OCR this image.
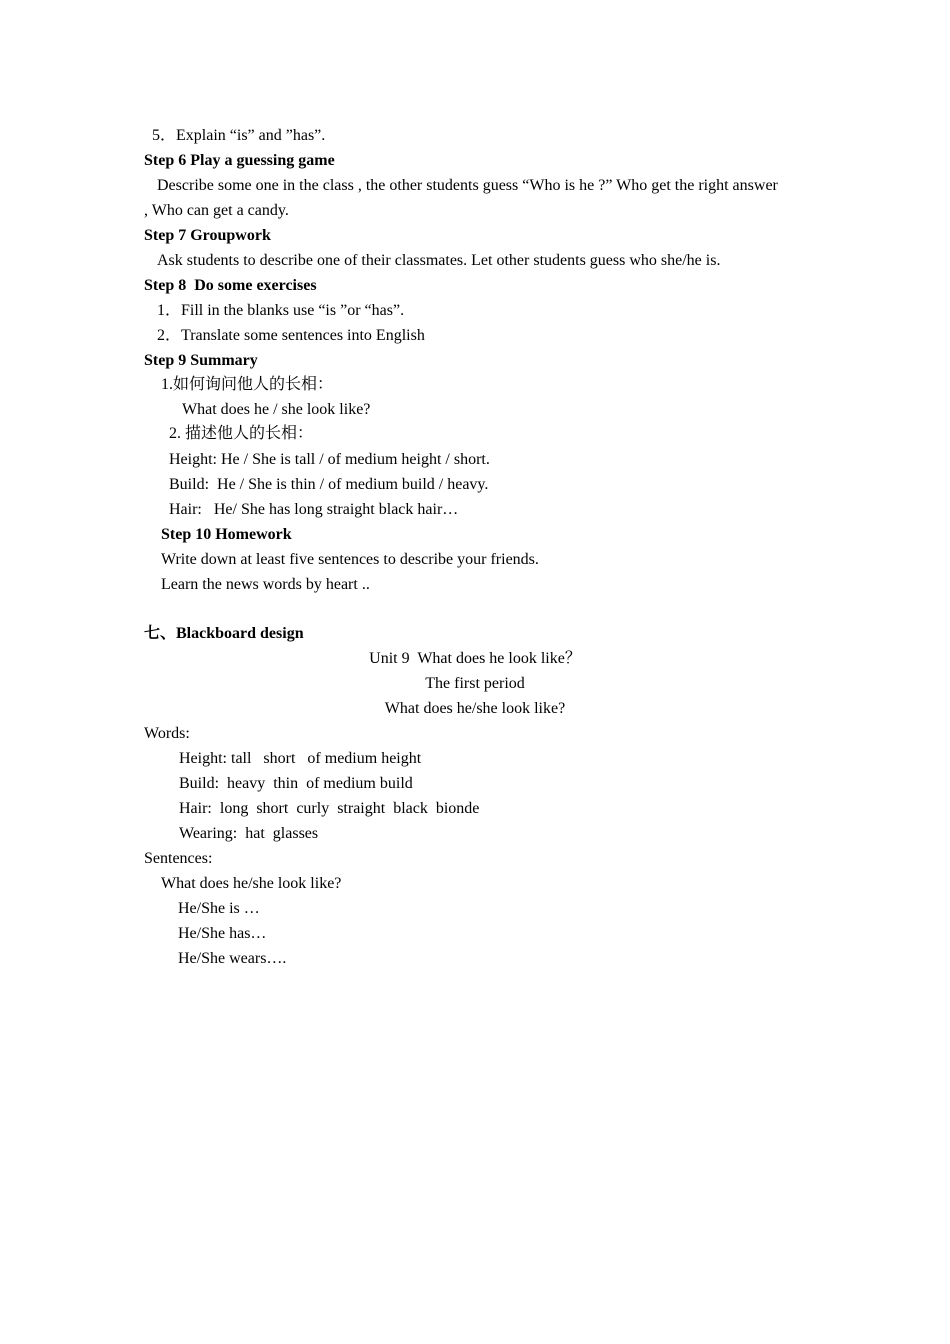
5．Explain “is” and ”has”.
Step 6 Play a guessing game
Describe some one in the class , the other students guess “Who is he ?” Who get the right answer
, Who can get a candy.
Step 7 Groupwork
Ask students to describe one of their classmates. Let other students guess who she/he is.
Step 8  Do some exercises
1．Fill in the blanks use “is ”or “has”.
2．Translate some sentences into English
Step 9 Summary
1.如何询问他人的长相：
What does he / she look like?
2. 描述他人的长相：
Height: He / She is tall / of medium height / short.
Build:  He / She is thin / of medium build / heavy.
Hair:   He/ She has long straight black hair…
Step 10 Homework
Write down at least five sentences to describe your friends.
Learn the news words by heart ..
七、Blackboard design
Unit 9  What does he look like？
The first period
What does he/she look like?
Words:
Height: tall   short   of medium height
Build:  heavy  thin  of medium build
Hair:  long  short  curly  straight  black  bionde
Wearing:  hat  glasses
Sentences:
What does he/she look like?
He/She is …
He/She has…
He/She wears….
